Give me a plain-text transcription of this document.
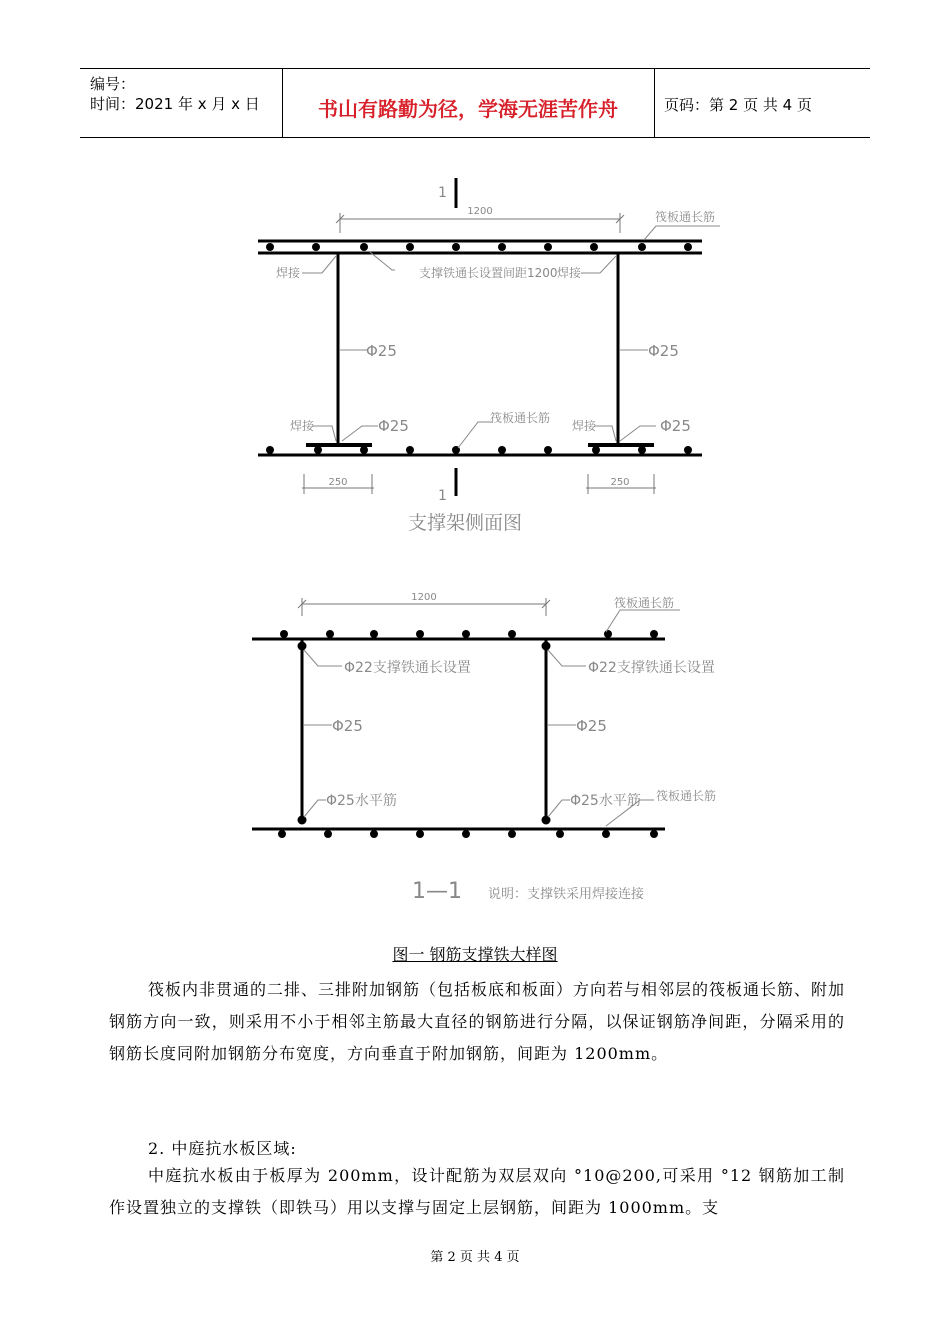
编号：
时间：2021 年 x 月 x 日	书山有路勤为径，学海无涯苦作舟	页码：第 2 页 共 4 页
1
1
1200	筏板通长筋
焊接	支撑铁通长设置间距1200 焊接
Φ25	Φ25
焊接	Φ25	筏板通长筋
焊接	Φ25
250	250
支撑架侧面图
1200	筏板通长筋
Φ22支撑铁通长设置	Φ22支撑铁通长设置
Φ25	Φ25
Φ25水平筋	Φ25水平筋 筏板通长筋
1—1 说明：支撑铁采用焊接连接
图一 钢筋支撑铁大样图
筏板内非贯通的二排、三排附加钢筋（包括板底和板面）方向若与相邻层的筏板通长筋、附加钢筋方向一致，则采用不小于相邻主筋最大直径的钢筋进行分隔，以保证钢筋净间距，分隔采用的钢筋长度同附加钢筋分布宽度，方向垂直于附加钢筋，间距为 1200mm。
2. 中庭抗水板区域:
中庭抗水板由于板厚为 200mm，设计配筋为双层双向 °10@200,可采用 °12 钢筋加工制作设置独立的支撑铁（即铁马）用以支撑与固定上层钢筋，间距为 1000mm。支
第 2 页 共 4 页
